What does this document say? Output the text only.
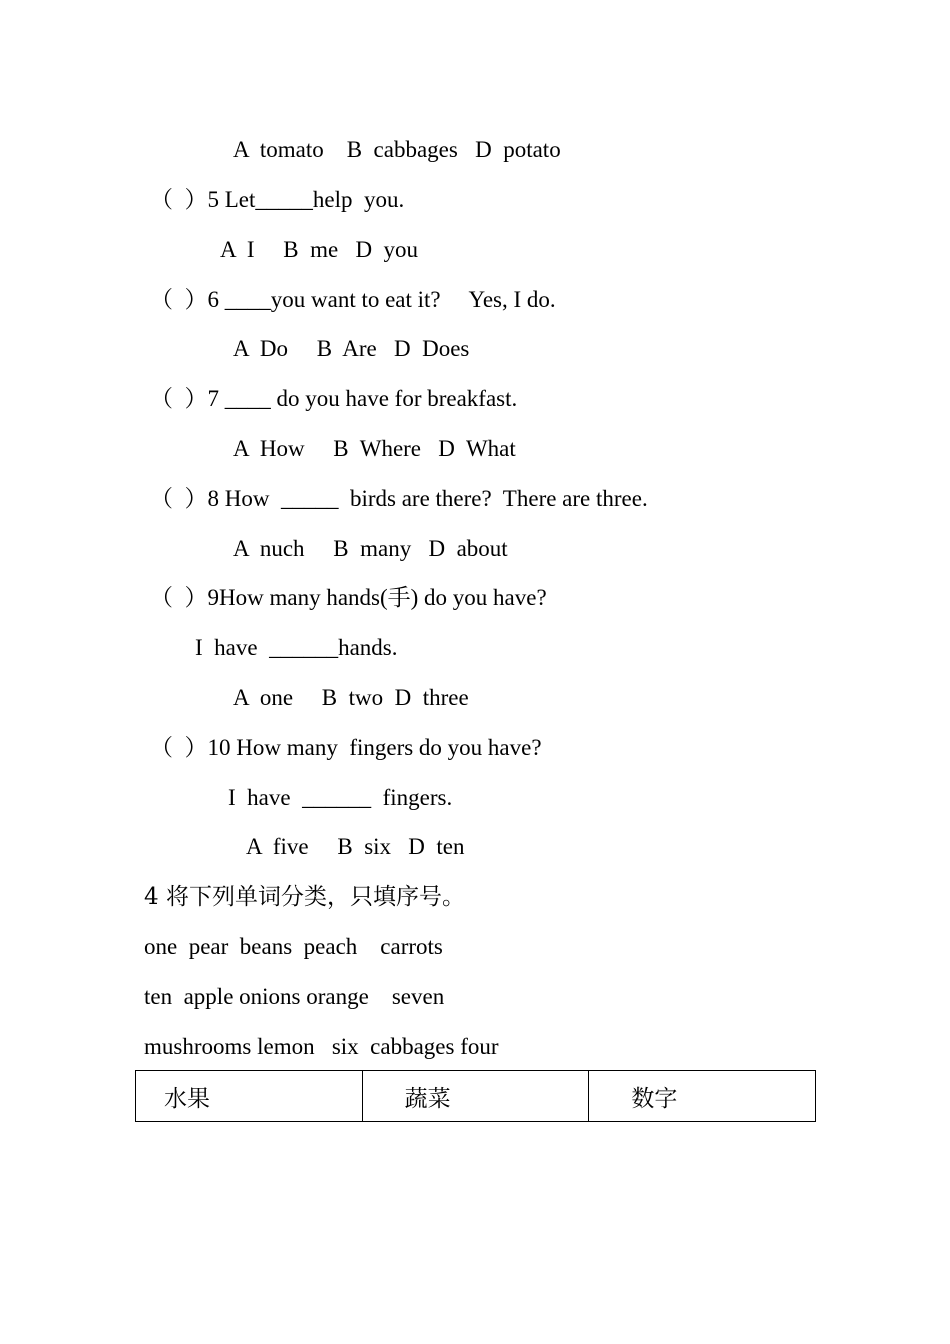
A  tomato    B  cabbages   D  potato
（  ）5 Let_____help  you.
A  I     B  me   D  you
（  ）6 ____you want to eat it?     Yes, I do.
A  Do     B  Are   D  Does
（  ）7 ____ do you have for breakfast.
A  How     B  Where   D  What
（  ）8 How  _____  birds are there?  There are three.
A  nuch     B  many   D  about
（  ）9How many hands(手) do you have?
I  have  ______hands.
A  one     B  two  D  three
（  ）10 How many  fingers do you have?
I  have  ______  fingers.
A  five     B  six   D  ten
4 将下列单词分类，只填序号。
one  pear  beans  peach    carrots
ten  apple onions orange    seven
mushrooms lemon   six  cabbages four
水果	蔬菜	数字
